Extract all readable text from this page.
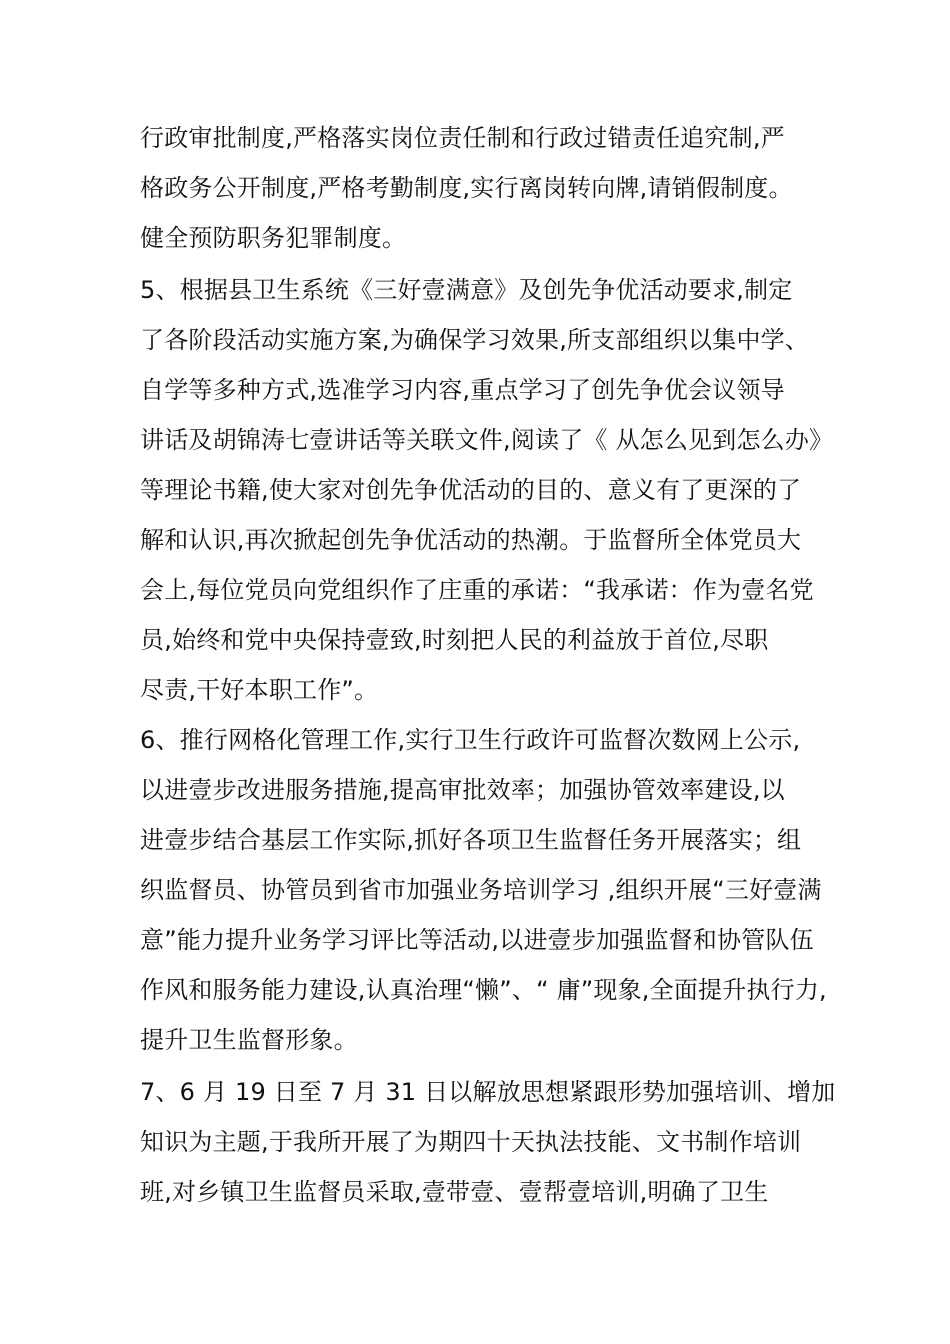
行政审批制度,严格落实岗位责任制和行政过错责任追究制,严
格政务公开制度,严格考勤制度,实行离岗转向牌,请销假制度。
健全预防职务犯罪制度。
5、根据县卫生系统《三好壹满意》及创先争优活动要求,制定
了各阶段活动实施方案,为确保学习效果,所支部组织以集中学、
自学等多种方式,选准学习内容,重点学习了创先争优会议领导
讲话及胡锦涛七壹讲话等关联文件,阅读了《 从怎么见到怎么办》
等理论书籍,使大家对创先争优活动的目的、意义有了更深的了
解和认识,再次掀起创先争优活动的热潮。于监督所全体党员大
会上,每位党员向党组织作了庄重的承诺：“我承诺：作为壹名党
员,始终和党中央保持壹致,时刻把人民的利益放于首位,尽职
尽责,干好本职工作”。
6、推行网格化管理工作,实行卫生行政许可监督次数网上公示,
以进壹步改进服务措施,提高审批效率；加强协管效率建设,以
进壹步结合基层工作实际,抓好各项卫生监督任务开展落实；组
织监督员、协管员到省市加强业务培训学习 ,组织开展“三好壹满
意”能力提升业务学习评比等活动,以进壹步加强监督和协管队伍
作风和服务能力建设,认真治理“懒”、“ 庸”现象,全面提升执行力,
提升卫生监督形象。
7、6 月 19 日至 7 月 31 日以解放思想紧跟形势加强培训、增加
知识为主题,于我所开展了为期四十天执法技能、文书制作培训
班,对乡镇卫生监督员采取,壹带壹、壹帮壹培训,明确了卫生
